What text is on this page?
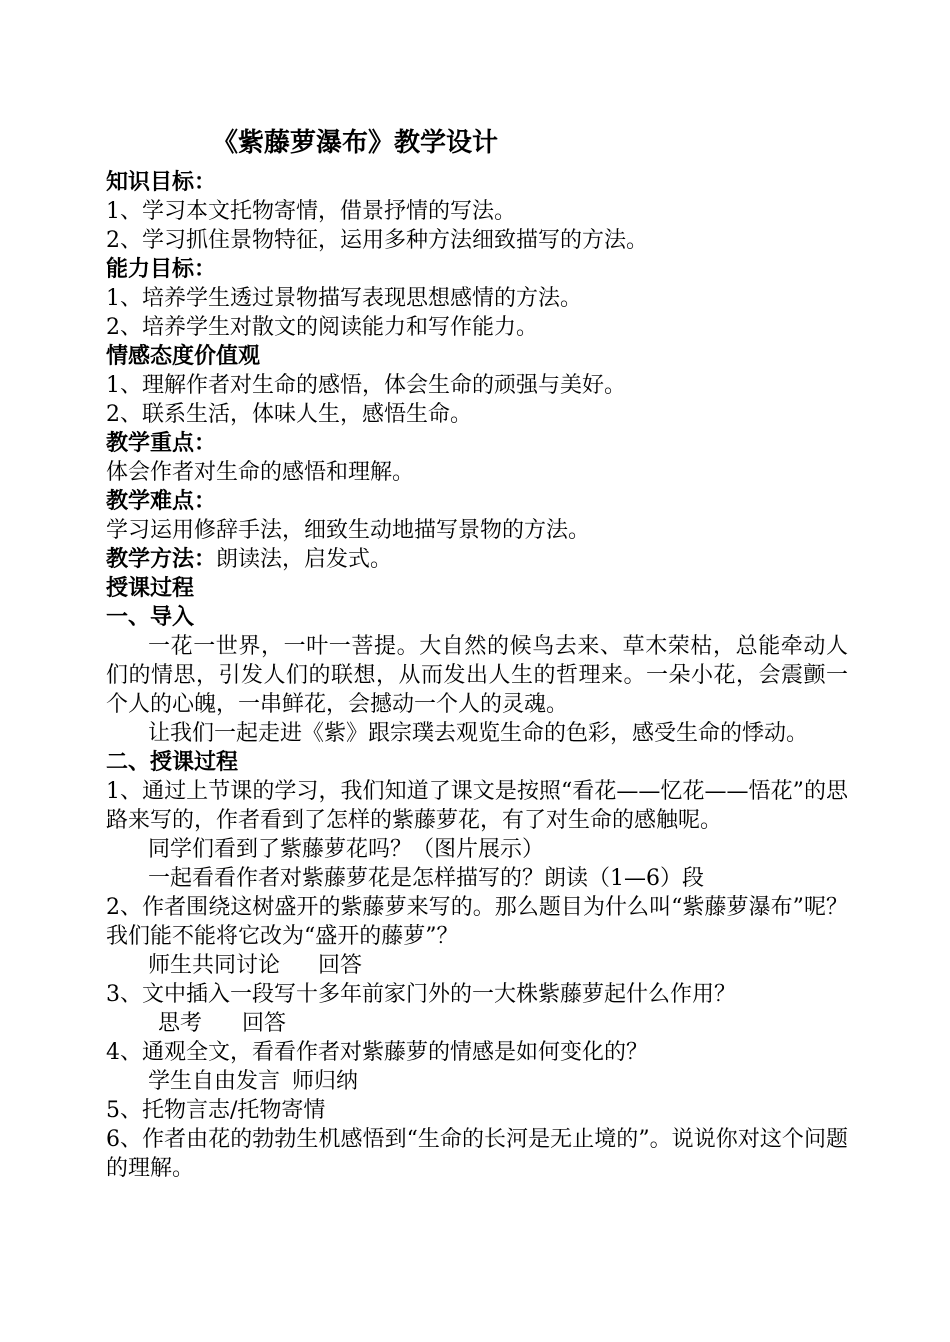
《紫藤萝瀑布》教学设计

知识目标：

1、学习本文托物寄情，借景抒情的写法。

2、学习抓住景物特征，运用多种方法细致描写的方法。

能力目标：

1、培养学生透过景物描写表现思想感情的方法。

2、培养学生对散文的阅读能力和写作能力。

情感态度价值观

1、理解作者对生命的感悟，体会生命的顽强与美好。

2、联系生活，体味人生，感悟生命。

教学重点：

体会作者对生命的感悟和理解。

教学难点：

学习运用修辞手法，细致生动地描写景物的方法。

教学方法：朗读法，启发式。

授课过程

一、导入

一花一世界，一叶一菩提。大自然的候鸟去来、草木荣枯，总能牵动人们的情思，引发人们的联想，从而发出人生的哲理来。一朵小花，会震颤一个人的心魄，一串鲜花，会撼动一个人的灵魂。

让我们一起走进《紫》跟宗璞去观览生命的色彩，感受生命的悸动。

二、授课过程

1、通过上节课的学习，我们知道了课文是按照“看花——忆花——悟花”的思路来写的，作者看到了怎样的紫藤萝花，有了对生命的感触呢。

同学们看到了紫藤萝花吗？（图片展示）

一起看看作者对紫藤萝花是怎样描写的？朗读（1—6）段

2、作者围绕这树盛开的紫藤萝来写的。那么题目为什么叫“紫藤萝瀑布”呢？我们能不能将它改为“盛开的藤萝”？

师生共同讨论 回答

3、文中插入一段写十多年前家门外的一大株紫藤萝起什么作用？

思考 回答

4、通观全文，看看作者对紫藤萝的情感是如何变化的？

学生自由发言 师归纳

5、托物言志/托物寄情

6、作者由花的勃勃生机感悟到“生命的长河是无止境的”。说说你对这个问题的理解。
